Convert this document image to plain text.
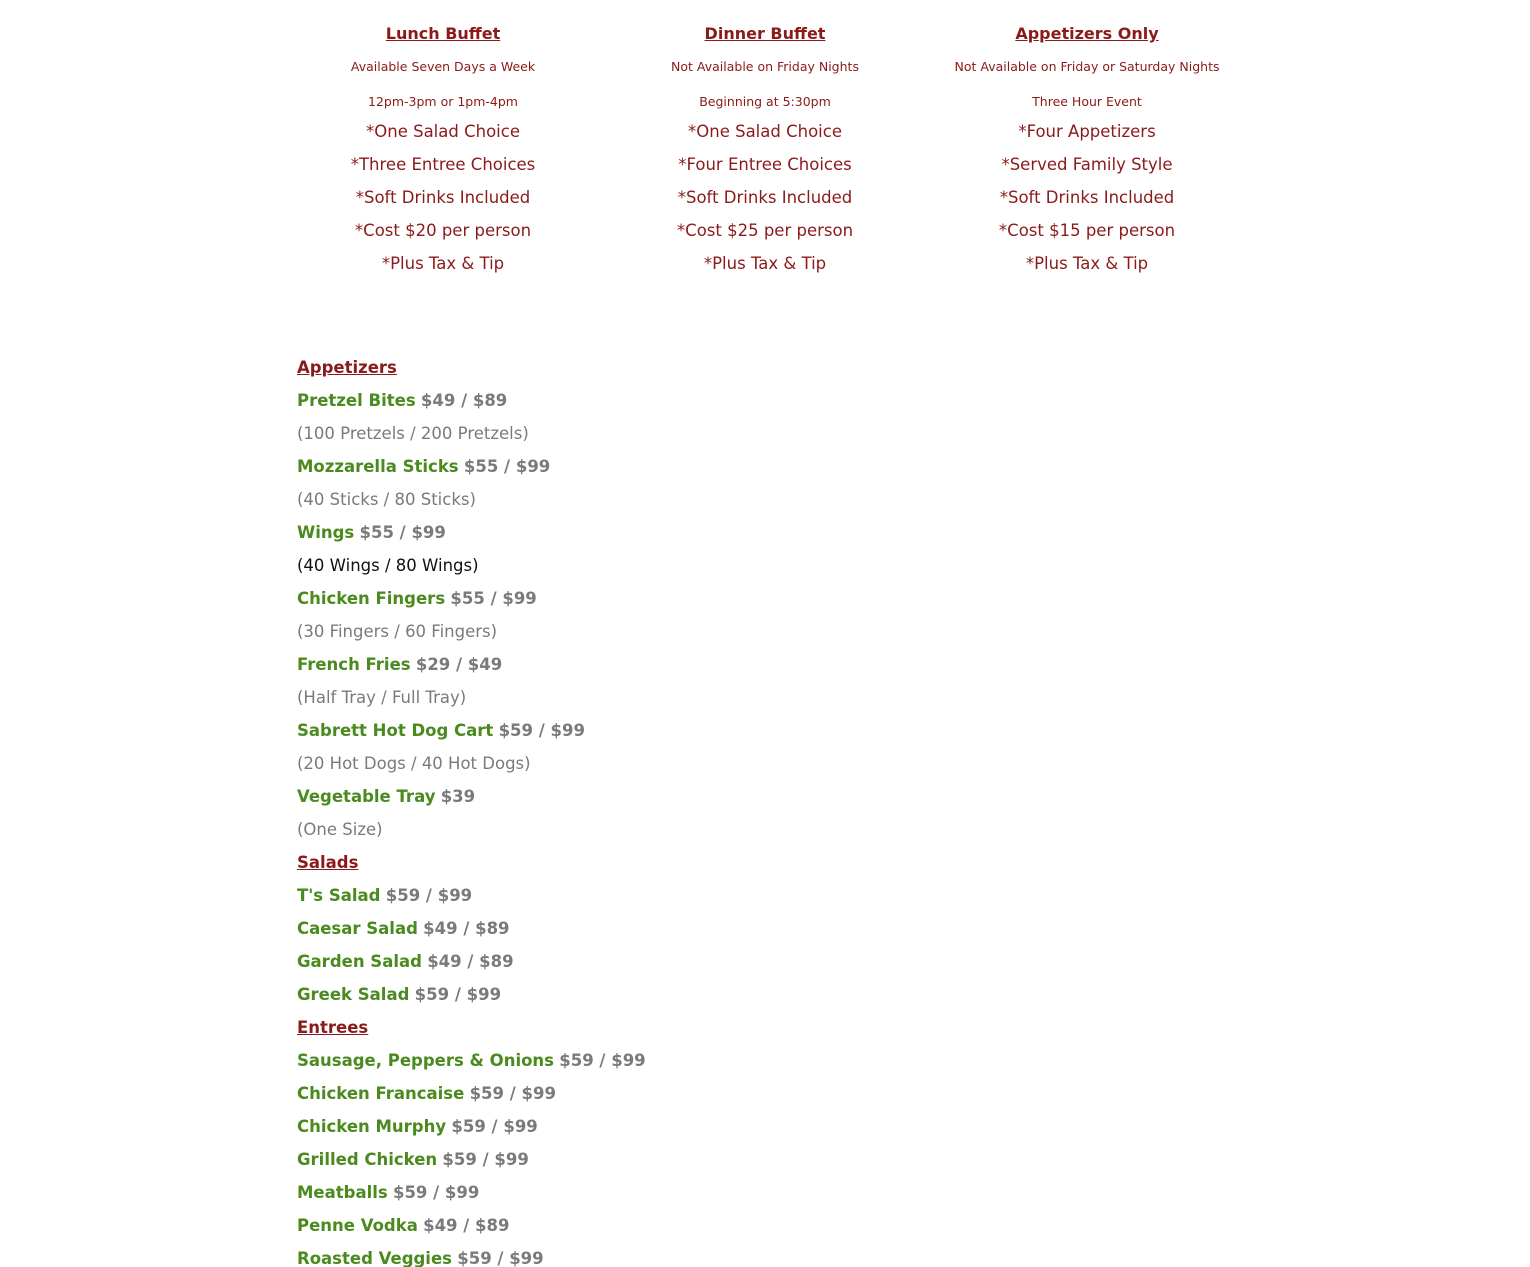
Lunch Buffet
Available Seven Days a Week
12pm-3pm or 1pm-4pm
*One Salad Choice
*Three Entree Choices
*Soft Drinks Included
*Cost $20 per person
*Plus Tax & Tip
Dinner Buffet
Not Available on Friday Nights
Beginning at 5:30pm
*One Salad Choice
*Four Entree Choices
*Soft Drinks Included
*Cost $25 per person
*Plus Tax & Tip
Appetizers Only
Not Available on Friday or Saturday Nights
Three Hour Event
*Four Appetizers
*Served Family Style
*Soft Drinks Included
*Cost $15 per person
*Plus Tax & Tip
Appetizers
Pretzel Bites $49 / $89
(100 Pretzels / 200 Pretzels)
Mozzarella Sticks $55 / $99
(40 Sticks / 80 Sticks)
Wings $55 / $99
(40 Wings / 80 Wings)
Chicken Fingers $55 / $99
(30 Fingers / 60 Fingers)
French Fries $29 / $49
(Half Tray / Full Tray)
Sabrett Hot Dog Cart $59 / $99
(20 Hot Dogs / 40 Hot Dogs)
Vegetable Tray $39
(One Size)
Salads
T's Salad $59 / $99
Caesar Salad $49 / $89
Garden Salad $49 / $89
Greek Salad $59 / $99
Entrees
Sausage, Peppers & Onions $59 / $99
Chicken Francaise $59 / $99
Chicken Murphy $59 / $99
Grilled Chicken $59 / $99
Meatballs $59 / $99
Penne Vodka $49 / $89
Roasted Veggies $59 / $99
